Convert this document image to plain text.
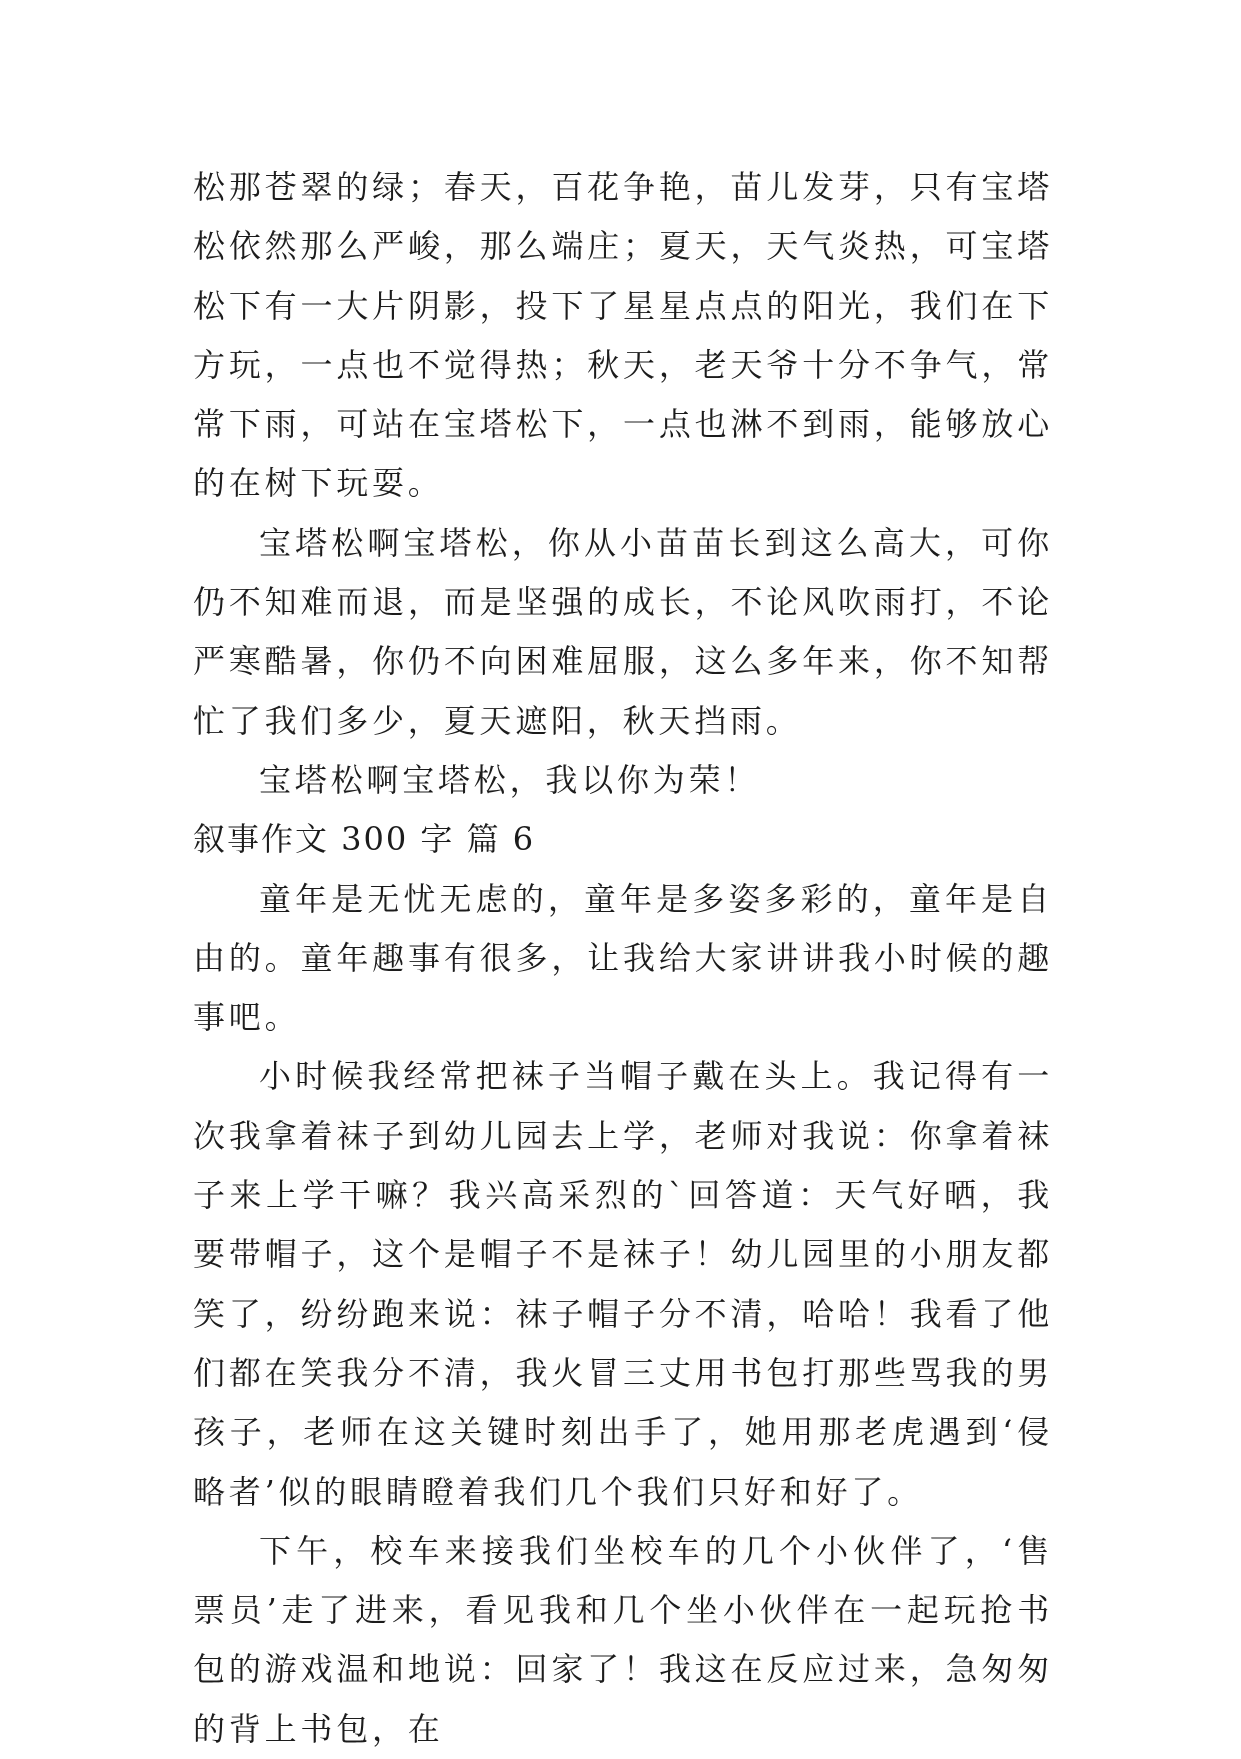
松那苍翠的绿；春天，百花争艳，苗儿发芽，只有宝塔松依然那么严峻，那么端庄；夏天，天气炎热，可宝塔松下有一大片阴影，投下了星星点点的阳光，我们在下方玩，一点也不觉得热；秋天，老天爷十分不争气，常常下雨，可站在宝塔松下，一点也淋不到雨，能够放心的在树下玩耍。

宝塔松啊宝塔松，你从小苗苗长到这么高大，可你仍不知难而退，而是坚强的成长，不论风吹雨打，不论严寒酷暑，你仍不向困难屈服，这么多年来，你不知帮忙了我们多少，夏天遮阳，秋天挡雨。

宝塔松啊宝塔松，我以你为荣！

叙事作文 300 字 篇 6

童年是无忧无虑的，童年是多姿多彩的，童年是自由的。童年趣事有很多，让我给大家讲讲我小时候的趣事吧。

小时候我经常把袜子当帽子戴在头上。我记得有一次我拿着袜子到幼儿园去上学，老师对我说：你拿着袜子来上学干嘛？我兴高采烈的`回答道：天气好晒，我要带帽子，这个是帽子不是袜子！幼儿园里的小朋友都笑了，纷纷跑来说：袜子帽子分不清，哈哈！我看了他们都在笑我分不清，我火冒三丈用书包打那些骂我的男孩子，老师在这关键时刻出手了，她用那老虎遇到‘侵略者’似的眼睛瞪着我们几个我们只好和好了。

下午，校车来接我们坐校车的几个小伙伴了，‘售票员’走了进来，看见我和几个坐小伙伴在一起玩抢书包的游戏温和地说：回家了！我这在反应过来，急匆匆的背上书包，在
